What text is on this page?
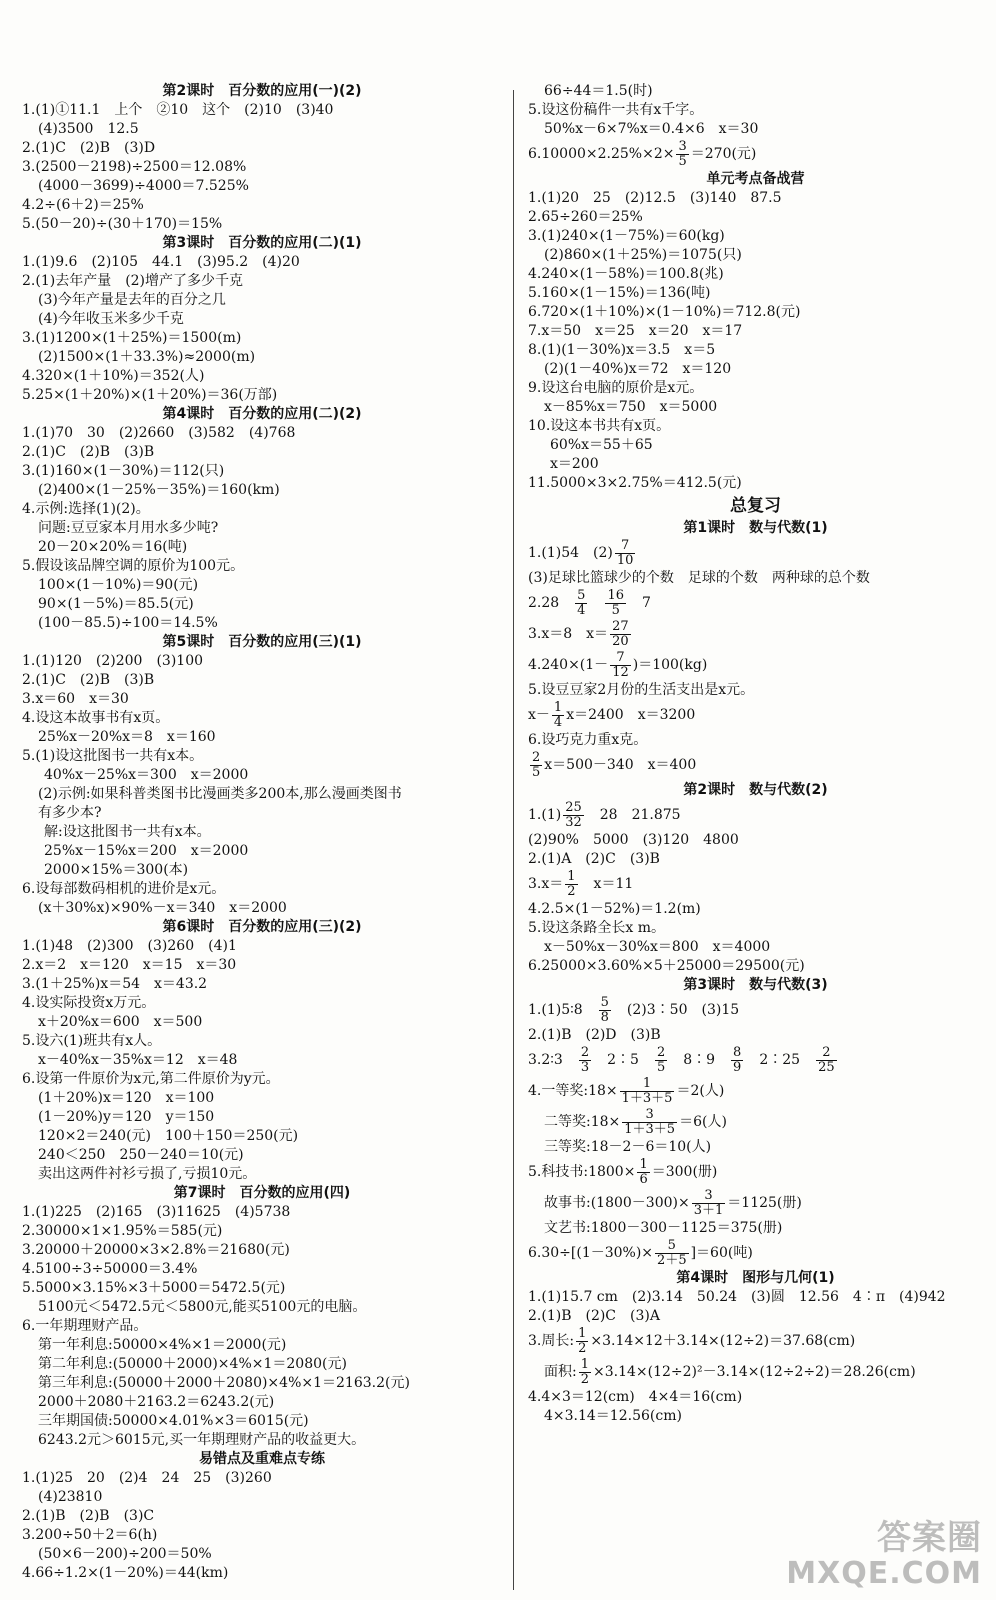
第2课时　百分数的应用(一)(2)
1.(1)①11.1　上个　②10　这个　(2)10　(3)40
(4)3500　12.5
2.(1)C　(2)B　(3)D
3.(2500－2198)÷2500＝12.08%
(4000－3699)÷4000＝7.525%
4.2÷(6＋2)＝25%
5.(50－20)÷(30＋170)＝15%
第3课时　百分数的应用(二)(1)
1.(1)9.6　(2)105　44.1　(3)95.2　(4)20
2.(1)去年产量　(2)增产了多少千克
(3)今年产量是去年的百分之几
(4)今年收玉米多少千克
3.(1)1200×(1＋25%)＝1500(m)
(2)1500×(1＋33.3%)≈2000(m)
4.320×(1＋10%)＝352(人)
5.25×(1＋20%)×(1＋20%)＝36(万部)
第4课时　百分数的应用(二)(2)
1.(1)70　30　(2)2660　(3)582　(4)768
2.(1)C　(2)B　(3)B
3.(1)160×(1－30%)＝112(只)
(2)400×(1－25%－35%)＝160(km)
4.示例:选择(1)(2)。
问题:豆豆家本月用水多少吨?
20－20×20%＝16(吨)
5.假设该品牌空调的原价为100元。
100×(1－10%)＝90(元)
90×(1－5%)＝85.5(元)
(100－85.5)÷100＝14.5%
第5课时　百分数的应用(三)(1)
1.(1)120　(2)200　(3)100
2.(1)C　(2)B　(3)B
3.x＝60　x＝30
4.设这本故事书有x页。
25%x－20%x＝8　x＝160
5.(1)设这批图书一共有x本。
40%x－25%x＝300　x＝2000
(2)示例:如果科普类图书比漫画类多200本,那么漫画类图书
有多少本?
解:设这批图书一共有x本。
25%x－15%x＝200　x＝2000
2000×15%＝300(本)
6.设每部数码相机的进价是x元。
(x＋30%x)×90%－x＝340　x＝2000
第6课时　百分数的应用(三)(2)
1.(1)48　(2)300　(3)260　(4)1
2.x＝2　x＝120　x＝15　x＝30
3.(1＋25%)x＝54　x＝43.2
4.设实际投资x万元。
x＋20%x＝600　x＝500
5.设六(1)班共有x人。
x－40%x－35%x＝12　x＝48
6.设第一件原价为x元,第二件原价为y元。
(1＋20%)x＝120　x＝100
(1－20%)y＝120　y＝150
120×2＝240(元)　100＋150＝250(元)
240＜250　250－240＝10(元)
卖出这两件衬衫亏损了,亏损10元。
第7课时　百分数的应用(四)
1.(1)225　(2)165　(3)11625　(4)5738
2.30000×1×1.95%＝585(元)
3.20000＋20000×3×2.8%＝21680(元)
4.5100÷3÷50000＝3.4%
5.5000×3.15%×3＋5000＝5472.5(元)
5100元＜5472.5元＜5800元,能买5100元的电脑。
6.一年期理财产品。
第一年利息:50000×4%×1＝2000(元)
第二年利息:(50000＋2000)×4%×1＝2080(元)
第三年利息:(50000＋2000＋2080)×4%×1＝2163.2(元)
2000＋2080＋2163.2＝6243.2(元)
三年期国债:50000×4.01%×3＝6015(元)
6243.2元＞6015元,买一年期理财产品的收益更大。
易错点及重难点专练
1.(1)25　20　(2)4　24　25　(3)260
(4)23810
2.(1)B　(2)B　(3)C
3.200÷50＋2＝6(h)
(50×6－200)÷200＝50%
4.66÷1.2×(1－20%)＝44(km)
66÷44＝1.5(时)
5.设这份稿件一共有x千字。
50%x－6×7%x＝0.4×6　x＝30
$6.10000\times 2.25\%\times 2\times \frac{3}{5} =270$(元)
单元考点备战营
1.(1)20　25　(2)12.5　(3)140　87.5
2.65÷260＝25%
3.(1)240×(1－75%)＝60(kg)
(2)860×(1＋25%)＝1075(只)
4.240×(1－58%)＝100.8(兆)
5.160×(1－15%)＝136(吨)
6.720×(1＋10%)×(1－10%)＝712.8(元)
7.x＝50　x＝25　x＝20　x＝17
8.(1)(1－30%)x＝3.5　x＝5
(2)(1－40%)x＝72　x＝120
9.设这台电脑的原价是x元。
x－85%x＝750　x＝5000
10.设这本书共有x页。
60%x＝55＋65
x＝200
11.5000×3×2.75%＝412.5(元)
总复习
第1课时　数与代数(1)
1.(1)54　$(2) \frac{7}{10}$
(3)足球比篮球少的个数　足球的个数　两种球的总个数
2.28　 $\frac{5}{4}$
　 $\frac{16}{5}$ 　7
3.x＝8　$x= \frac{27}{20}$
$4.240\times(1- \frac{7}{12} )=100(kg)$
5.设豆豆家2月份的生活支出是x元。
$x- \frac{1}{4} x=2400$　x＝3200
6.设巧克力重x克。
$\frac{2}{5} x=500-340$　x＝400
第2课时　数与代数(2)
$1.(1) \frac{25}{32}$ 　28　21.875
(2)90%　5000　(3)120　4800
2.(1)A　(2)C　(3)B
$3.x= \frac{1}{2}$ 　x＝11
4.2.5×(1－52%)＝1.2(m)
5.设这条路全长x m。
x－50%x－30%x＝800　x＝4000
6.25000×3.60%×5＋25000＝29500(元)
第3课时　数与代数(3)
1.(1)5∶8　 $\frac{5}{8}$ 　(2)3∶50　(3)15
2.(1)B　(2)D　(3)B
3.2∶3　 $\frac{2}{3}$ 　2∶5　 $\frac{2}{5}$ 　8∶9　 $\frac{8}{9}$ 　2∶25　 $\frac{2}{25}$
4.一等奖:18× $\frac{1}{1+3+5} =2$(人)
二等奖:18× $\frac{3}{1+3+5} =6$(人)
三等奖:18－2－6＝10(人)
5.科技书:1800× $\frac{1}{6} =300$(册)
故事书:(1800－300)× $\frac{3}{3+1} =1125$(册)
文艺书:1800－300－1125＝375(册)
$6.30\div[(1-30\%)\times \frac{5}{2+5} ]=60$(吨)
第4课时　图形与几何(1)
1.(1)15.7 cm　(2)3.14　50.24　(3)圆　12.56　4∶π　(4)942
2.(1)B　(2)C　(3)A
3.周长: $\frac{1}{2} \times 3.14\times 12+3.14\times(12\div 2)=37.68(cm)$
面积: $\frac{1}{2} \times 3.14\times(12\div 2)^2-3.14\times(12\div 2\div 2)=28.26(cm)$
4.4×3＝12(cm)　4×4＝16(cm)
4×3.14＝12.56(cm)
答案圈
MXQE.COM
